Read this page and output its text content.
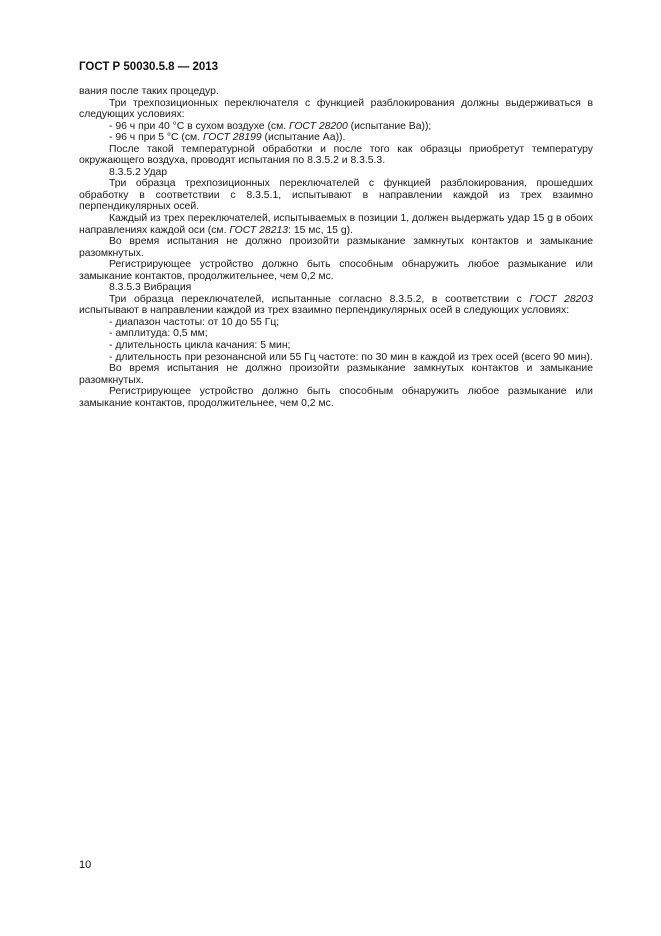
ГОСТ Р 50030.5.8 — 2013

вания после таких процедур.

Три трехпозиционных переключателя с функцией разблокирования должны выдерживаться в следующих условиях:

- 96 ч при 40 °С в сухом воздухе (см. ГОСТ 28200 (испытание Ва));

- 96 ч при 5 °С (см. ГОСТ 28199 (испытание Аа)).

После такой температурной обработки и после того как образцы приобретут температуру окружающего воздуха, проводят испытания по 8.3.5.2 и 8.3.5.3.

8.3.5.2 Удар

Три образца трехпозиционных переключателей с функцией разблокирования, прошедших обработку в соответствии с 8.3.5.1, испытывают в направлении каждой из трех взаимно перпендикулярных осей.

Каждый из трех переключателей, испытываемых в позиции 1, должен выдержать удар 15 g в обоих направлениях каждой оси (см. ГОСТ 28213: 15 мс, 15 g).

Во время испытания не должно произойти размыкание замкнутых контактов и замыкание разомкнутых.

Регистрирующее устройство должно быть способным обнаружить любое размыкание или замыкание контактов, продолжительнее, чем 0,2 мс.

8.3.5.3 Вибрация

Три образца переключателей, испытанные согласно 8.3.5.2, в соответствии с ГОСТ 28203 испытывают в направлении каждой из трех взаимно перпендикулярных осей в следующих условиях:

- диапазон частоты: от 10 до 55 Гц;

- амплитуда: 0,5 мм;

- длительность цикла качания: 5 мин;

- длительность при резонансной или 55 Гц частоте: по 30 мин в каждой из трех осей (всего 90 мин).

Во время испытания не должно произойти размыкание замкнутых контактов и замыкание разомкнутых.

Регистрирующее устройство должно быть способным обнаружить любое размыкание или замыкание контактов, продолжительнее, чем 0,2 мс.

10
